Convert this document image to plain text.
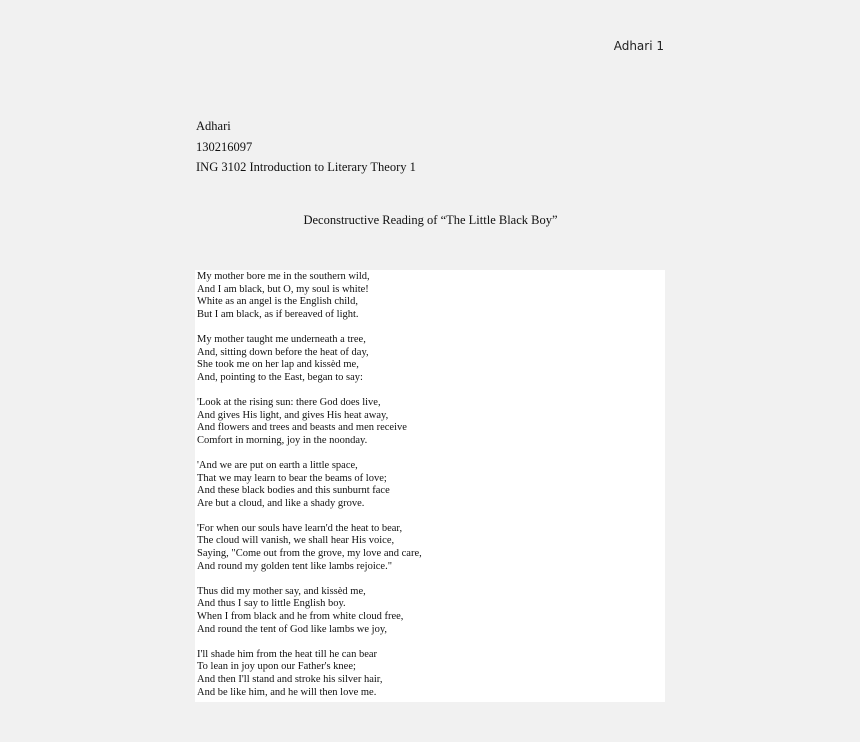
Adhari 1
Adhari
130216097
ING 3102 Introduction to Literary Theory 1
Deconstructive Reading of “The Little Black Boy”
My mother bore me in the southern wild,
And I am black, but O, my soul is white!
White as an angel is the English child,
But I am black, as if bereaved of light.
My mother taught me underneath a tree,
And, sitting down before the heat of day,
She took me on her lap and kissèd me,
And, pointing to the East, began to say:
'Look at the rising sun: there God does live,
And gives His light, and gives His heat away,
And flowers and trees and beasts and men receive
Comfort in morning, joy in the noonday.
'And we are put on earth a little space,
That we may learn to bear the beams of love;
And these black bodies and this sunburnt face
Are but a cloud, and like a shady grove.
'For when our souls have learn'd the heat to bear,
The cloud will vanish, we shall hear His voice,
Saying, "Come out from the grove, my love and care,
And round my golden tent like lambs rejoice."
Thus did my mother say, and kissèd me,
And thus I say to little English boy.
When I from black and he from white cloud free,
And round the tent of God like lambs we joy,
I'll shade him from the heat till he can bear
To lean in joy upon our Father's knee;
And then I'll stand and stroke his silver hair,
And be like him, and he will then love me.
